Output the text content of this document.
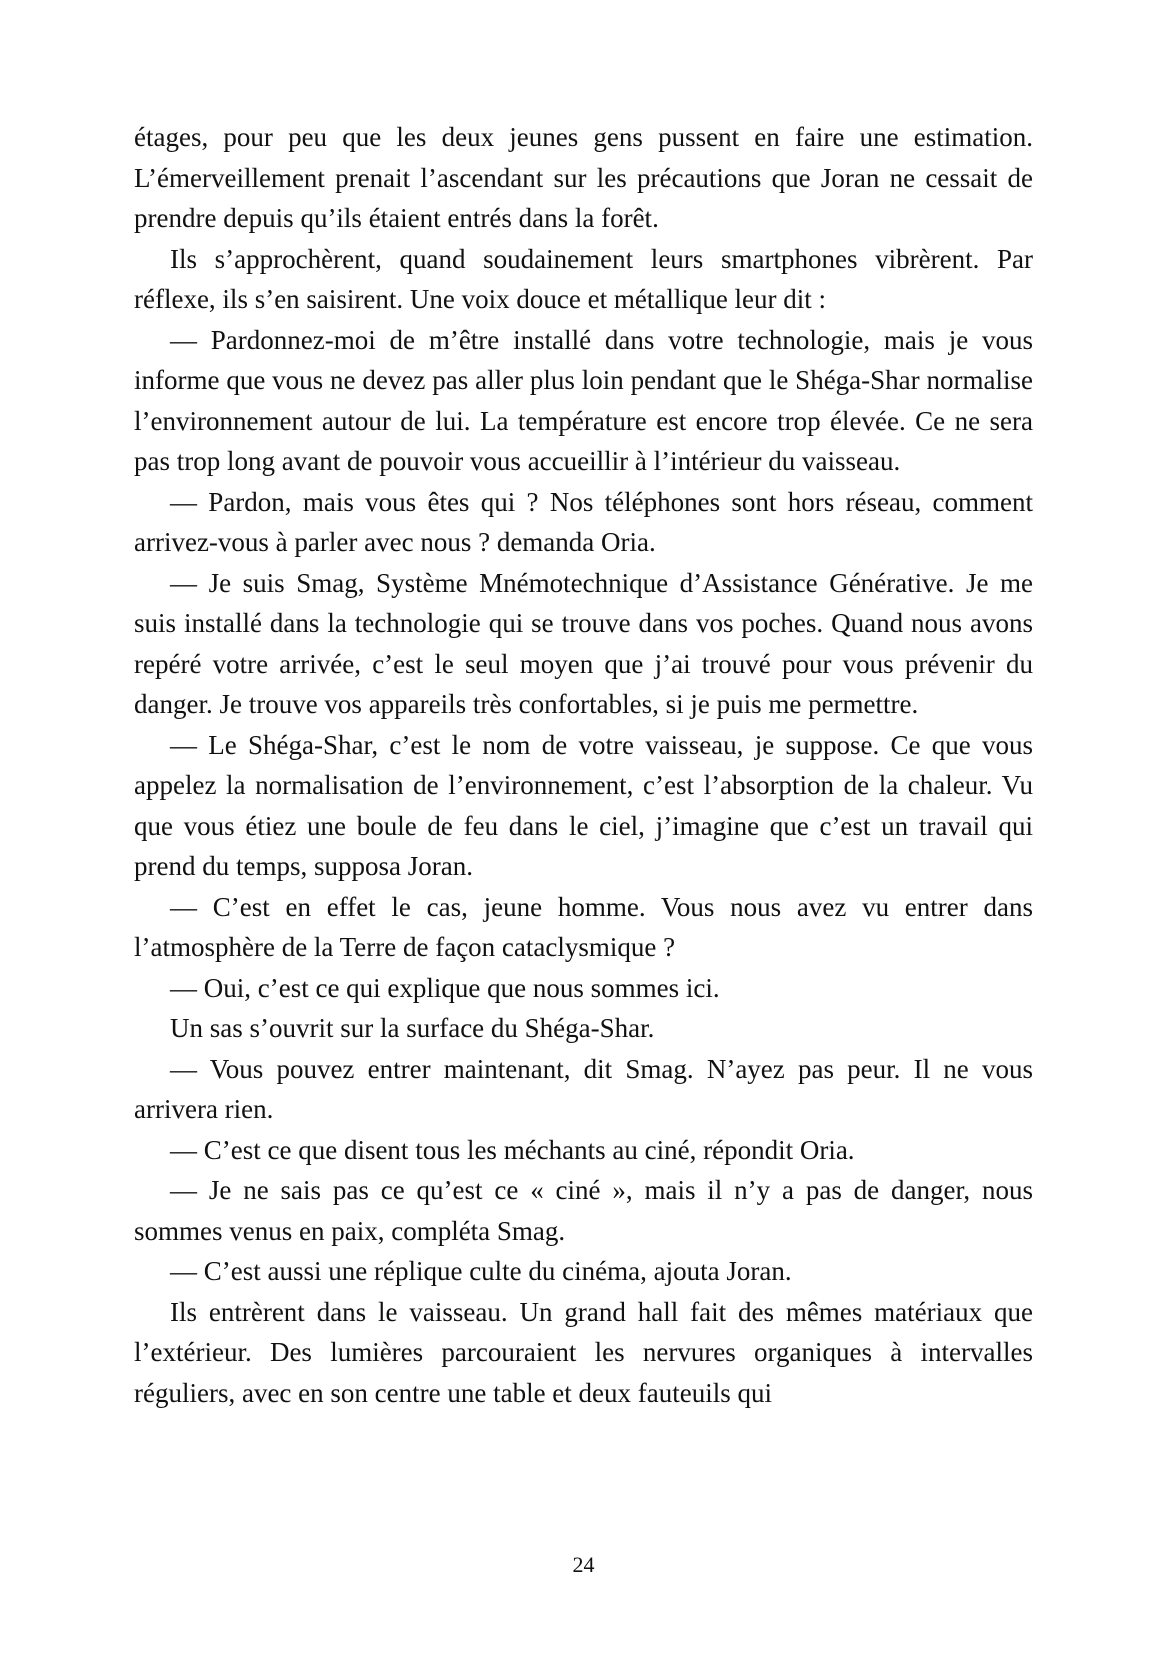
étages, pour peu que les deux jeunes gens pussent en faire une estimation. L’émerveillement prenait l’ascendant sur les précautions que Joran ne cessait de prendre depuis qu’ils étaient entrés dans la forêt.

Ils s’approchèrent, quand soudainement leurs smartphones vibrèrent. Par réflexe, ils s’en saisirent. Une voix douce et métallique leur dit :

— Pardonnez-moi de m’être installé dans votre technologie, mais je vous informe que vous ne devez pas aller plus loin pendant que le Shéga-Shar normalise l’environnement autour de lui. La température est encore trop élevée. Ce ne sera pas trop long avant de pouvoir vous accueillir à l’intérieur du vaisseau.

— Pardon, mais vous êtes qui ? Nos téléphones sont hors réseau, comment arrivez-vous à parler avec nous ? demanda Oria.

— Je suis Smag, Système Mnémotechnique d’Assistance Générative. Je me suis installé dans la technologie qui se trouve dans vos poches. Quand nous avons repéré votre arrivée, c’est le seul moyen que j’ai trouvé pour vous prévenir du danger. Je trouve vos appareils très confortables, si je puis me permettre.

— Le Shéga-Shar, c’est le nom de votre vaisseau, je suppose. Ce que vous appelez la normalisation de l’environnement, c’est l’absorption de la chaleur. Vu que vous étiez une boule de feu dans le ciel, j’imagine que c’est un travail qui prend du temps, supposa Joran.

— C’est en effet le cas, jeune homme. Vous nous avez vu entrer dans l’atmosphère de la Terre de façon cataclysmique ?

— Oui, c’est ce qui explique que nous sommes ici.

Un sas s’ouvrit sur la surface du Shéga-Shar.

— Vous pouvez entrer maintenant, dit Smag. N’ayez pas peur. Il ne vous arrivera rien.

— C’est ce que disent tous les méchants au ciné, répondit Oria.

— Je ne sais pas ce qu’est ce « ciné », mais il n’y a pas de danger, nous sommes venus en paix, compléta Smag.

— C’est aussi une réplique culte du cinéma, ajouta Joran.

Ils entrèrent dans le vaisseau. Un grand hall fait des mêmes matériaux que l’extérieur. Des lumières parcouraient les nervures organiques à intervalles réguliers, avec en son centre une table et deux fauteuils qui

24
